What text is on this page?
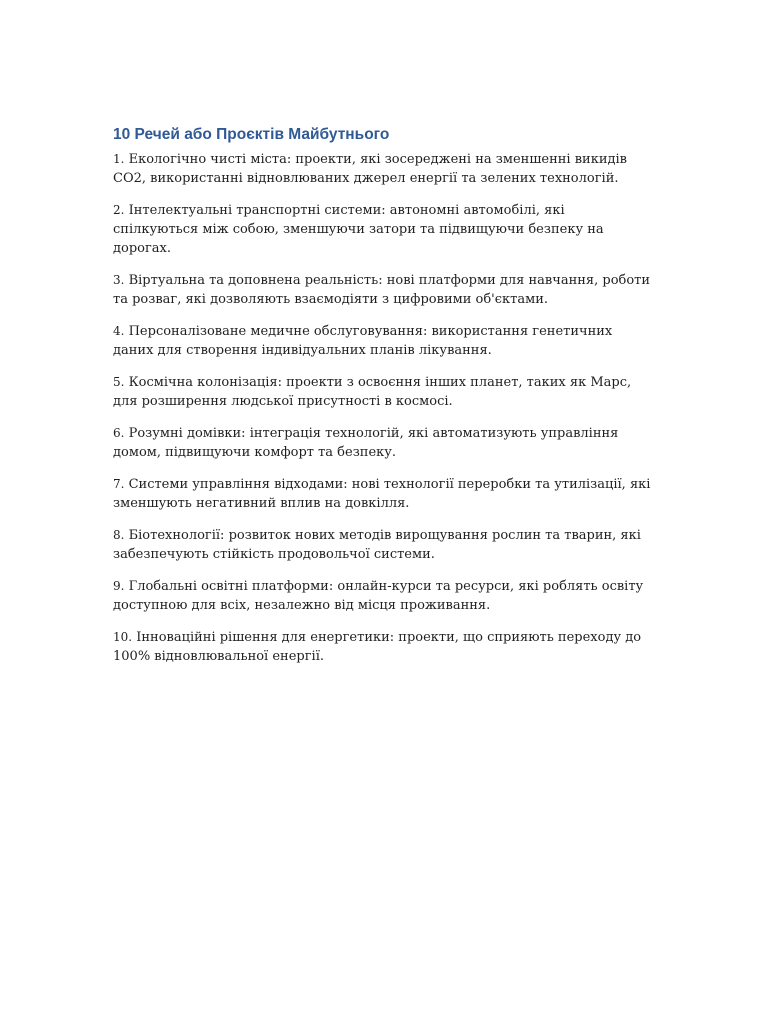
10 Речей або Проєктів Майбутнього

1. Екологічно чисті міста: проекти, які зосереджені на зменшенні викидів CO2, використанні відновлюваних джерел енергії та зелених технологій.

2. Інтелектуальні транспортні системи: автономні автомобілі, які спілкуються між собою, зменшуючи затори та підвищуючи безпеку на дорогах.

3. Віртуальна та доповнена реальність: нові платформи для навчання, роботи та розваг, які дозволяють взаємодіяти з цифровими об'єктами.

4. Персоналізоване медичне обслуговування: використання генетичних даних для створення індивідуальних планів лікування.

5. Космічна колонізація: проекти з освоєння інших планет, таких як Марс, для розширення людської присутності в космосі.

6. Розумні домівки: інтеграція технологій, які автоматизують управління домом, підвищуючи комфорт та безпеку.

7. Системи управління відходами: нові технології переробки та утилізації, які зменшують негативний вплив на довкілля.

8. Біотехнології: розвиток нових методів вирощування рослин та тварин, які забезпечують стійкість продовольчої системи.

9. Глобальні освітні платформи: онлайн-курси та ресурси, які роблять освіту доступною для всіх, незалежно від місця проживання.

10. Інноваційні рішення для енергетики: проекти, що сприяють переходу до 100% відновлювальної енергії.
